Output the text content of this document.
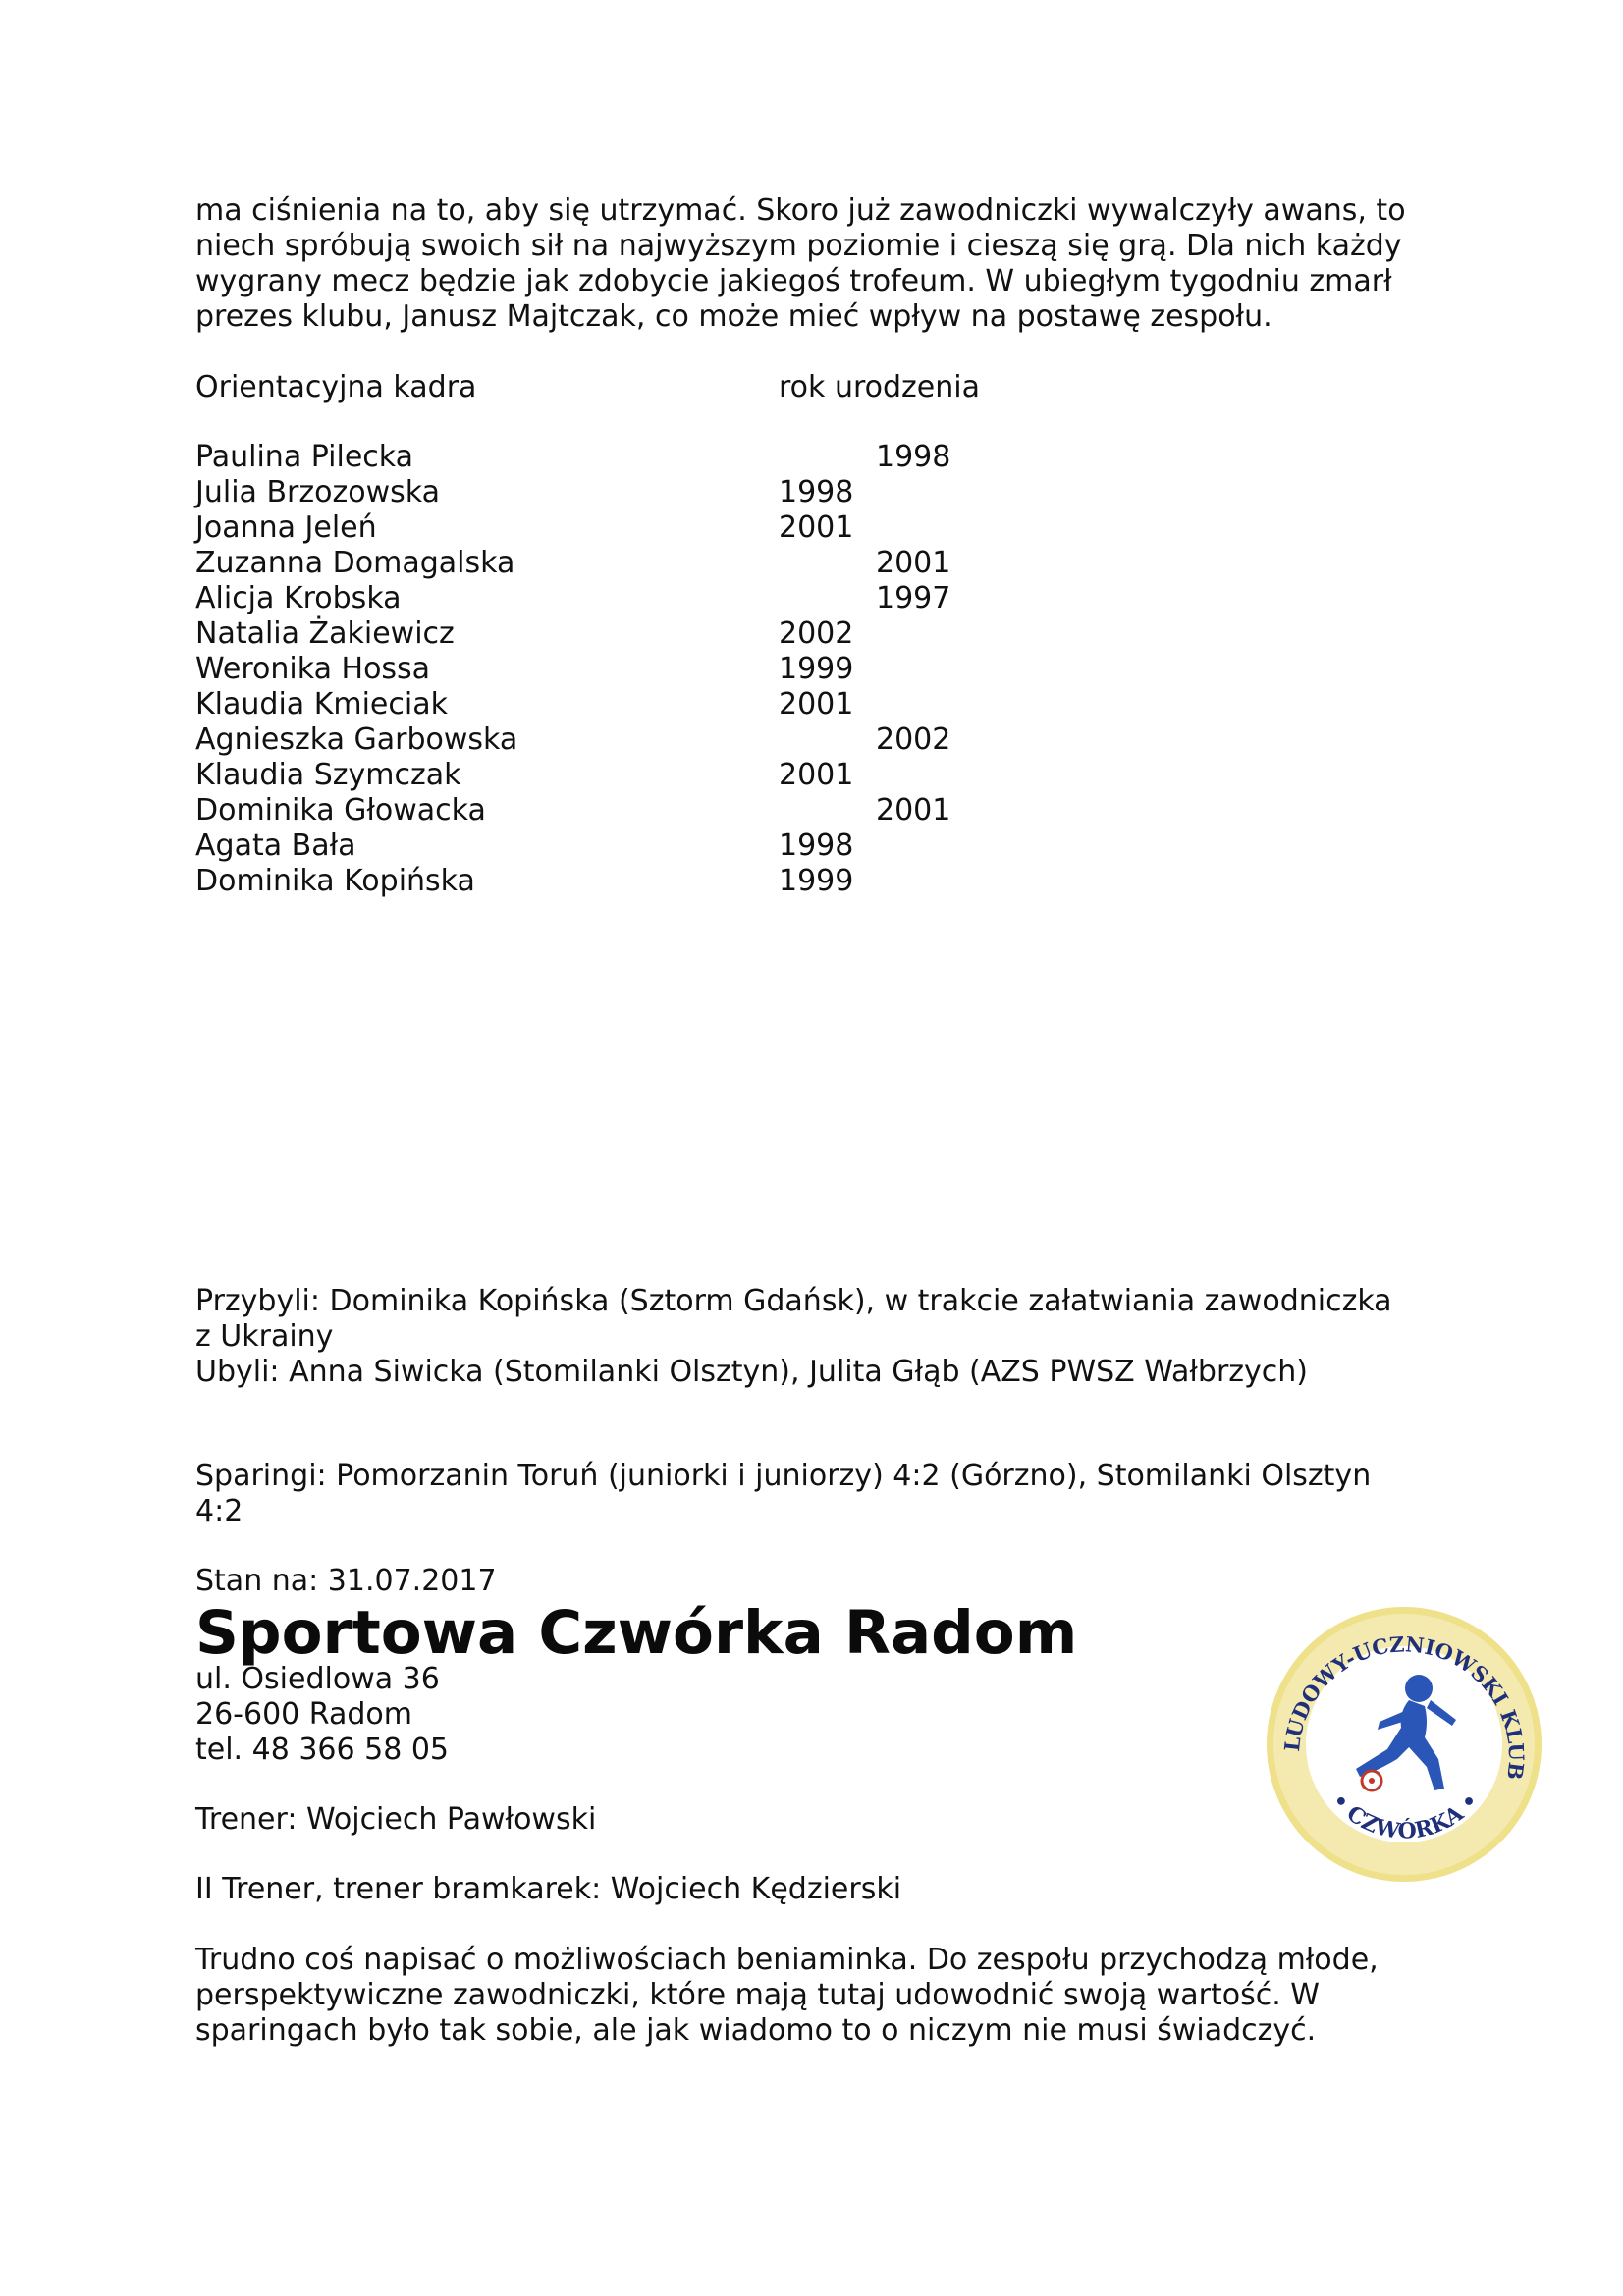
ma ciśnienia na to, aby się utrzymać. Skoro już zawodniczki wywalczyły awans, to
niech spróbują swoich sił na najwyższym poziomie i cieszą się grą. Dla nich każdy
wygrany mecz będzie jak zdobycie jakiegoś trofeum. W ubiegłym tygodniu zmarł
prezes klubu, Janusz Majtczak, co może mieć wpływ na postawę zespołu.
Orientacyjna kadra	rok urodzenia
Paulina Pilecka	1998
Julia Brzozowska	1998
Joanna Jeleń	2001
Zuzanna Domagalska	2001
Alicja Krobska	1997
Natalia Żakiewicz	2002
Weronika Hossa	1999
Klaudia Kmieciak	2001
Agnieszka Garbowska	2002
Klaudia Szymczak	2001
Dominika Głowacka	2001
Agata Bała	1998
Dominika Kopińska	1999
Przybyli: Dominika Kopińska (Sztorm Gdańsk), w trakcie załatwiania zawodniczka
z Ukrainy
Ubyli: Anna Siwicka (Stomilanki Olsztyn), Julita Głąb (AZS PWSZ Wałbrzych)
Sparingi: Pomorzanin Toruń (juniorki i juniorzy) 4:2 (Górzno), Stomilanki Olsztyn
4:2
Stan na: 31.07.2017
Sportowa Czwórka Radom
ul. Osiedlowa 36
26-600 Radom
tel. 48 366 58 05
Trener: Wojciech Pawłowski
II Trener, trener bramkarek: Wojciech Kędzierski
Trudno coś napisać o możliwościach beniaminka. Do zespołu przychodzą młode,
perspektywiczne zawodniczki, które mają tutaj udowodnić swoją wartość. W
sparingach było tak sobie, ale jak wiadomo to o niczym nie musi świadczyć.
LUDOWY-UCZNIOWSKI KLUB
• CZWÓRKA •
